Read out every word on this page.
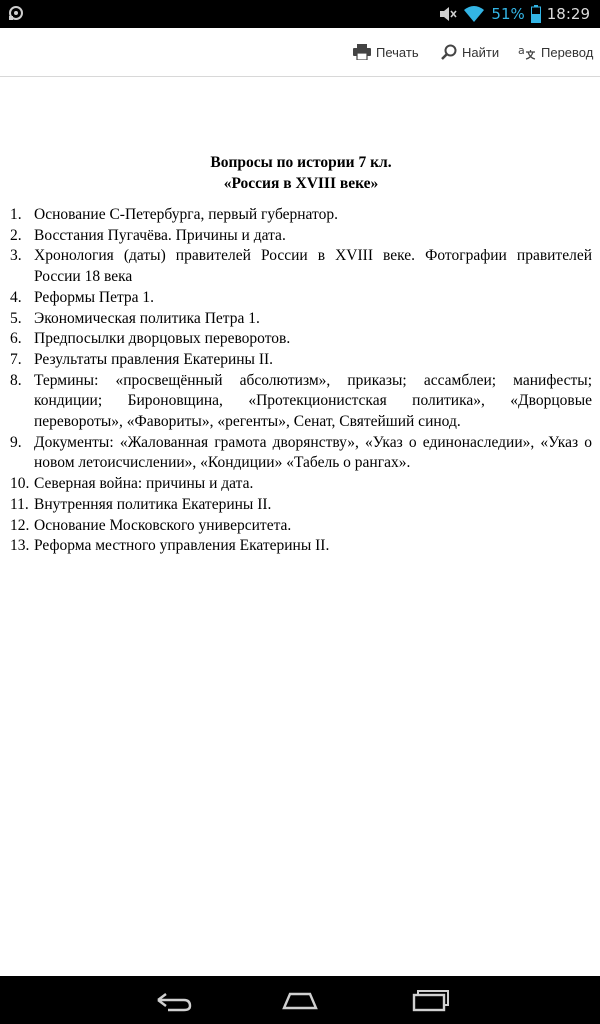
51% 18:29
Печать	Найти a Перевод
Вопросы по истории 7 кл.
«Россия в XVIII веке»
1. Основание С-Петербурга, первый губернатор.
2. Восстания Пугачёва. Причины и дата.
3. Хронология (даты) правителей России в XVIII веке. Фотографии правителей России 18 века
4. Реформы Петра 1.
5. Экономическая политика Петра 1.
6. Предпосылки дворцовых переворотов.
7. Результаты правления Екатерины II.
8. Термины: «просвещённый абсолютизм», приказы; ассамблеи; манифесты; кондиции; Бироновщина, «Протекционистская политика», «Дворцовые перевороты», «Фавориты», «регенты», Сенат, Святейший синод.
9. Документы: «Жалованная грамота дворянству», «Указ о единонаследии», «Указ о новом летоисчислении», «Кондиции» «Табель о рангах».
10. Северная война: причины и дата.
11. Внутренняя политика Екатерины II.
12. Основание Московского университета.
13. Реформа местного управления Екатерины II.
